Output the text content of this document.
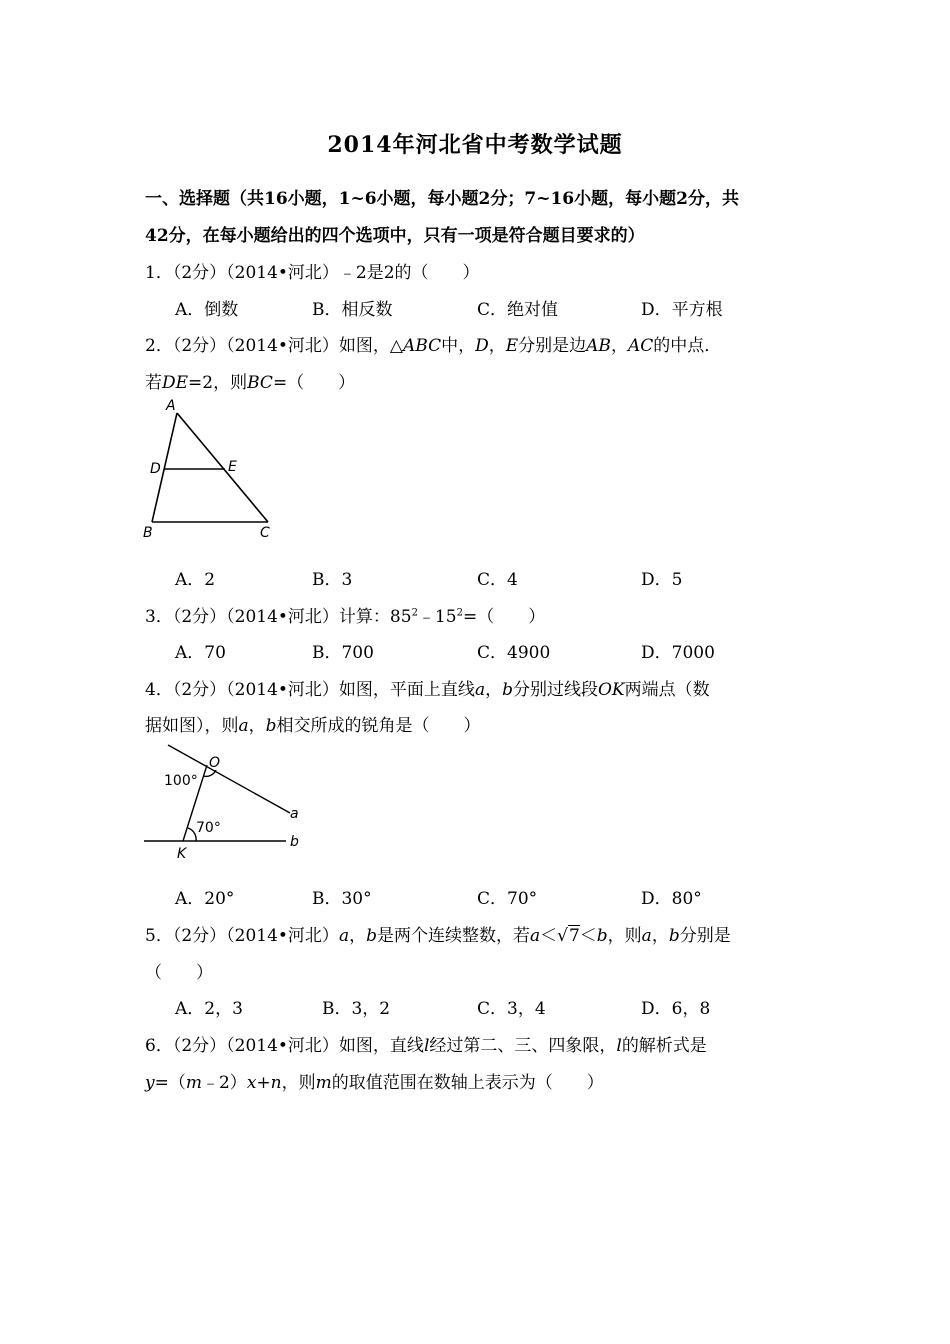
2014年河北省中考数学试题
一、选择题（共16小题，1~6小题，每小题2分；7~16小题，每小题2分，共
42分，在每小题给出的四个选项中，只有一项是符合题目要求的）
1．（2分）（2014•河北）﹣2是2的（　　）
A．倒数	B．相反数	C．绝对值	D．平方根
2．（2分）（2014•河北）如图，△ABC中，D，E分别是边AB，AC的中点．
若DE=2，则BC=（　　）
A
D	E
B	C
A．2	B．3	C．4	D．5
3．（2分）（2014•河北）计算：$85^2﹣15^2=$（　　）
A．70	B．700	C．4900	D．7000
4．（2分）（2014•河北）如图，平面上直线a，b分别过线段OK两端点（数
据如图），则a，b相交所成的锐角是（　　）
O
K
a
b
100°
70°
A．20°	B．30°	C．70°	D．80°
5．（2分）（2014•河北）a，b是两个连续整数，若a＜√7＜b，则a，b分别是
（　　）
A．2，3	B．3，2	C．3，4	D．6，8
6．（2分）（2014•河北）如图，直线l经过第二、三、四象限，l的解析式是
y=（m﹣2）x+n，则m的取值范围在数轴上表示为（　　）
